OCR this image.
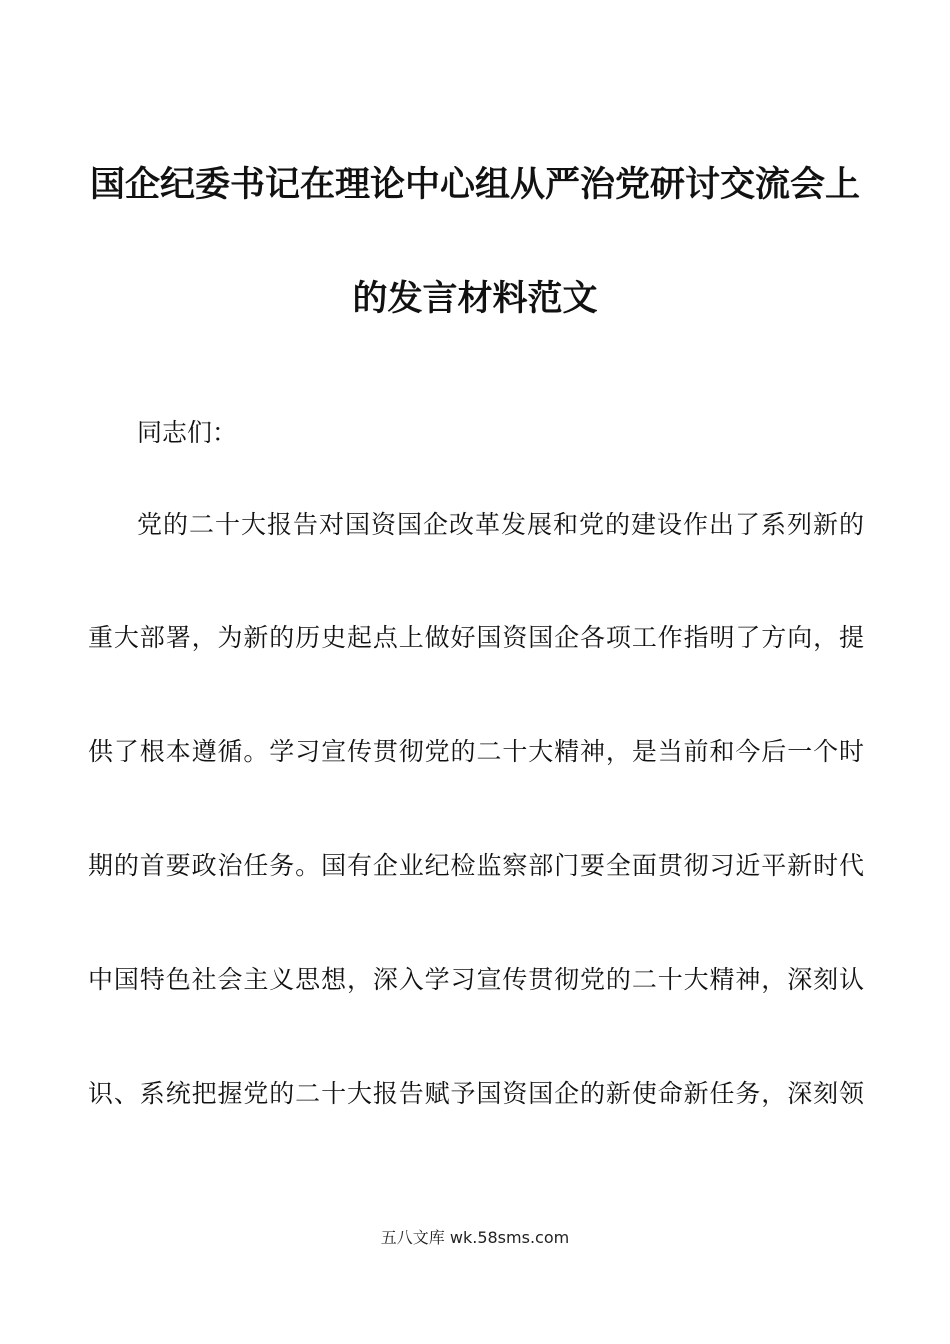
国企纪委书记在理论中心组从严治党研讨交流会上
的发言材料范文

同志们：

党的二十大报告对国资国企改革发展和党的建设作出了系列新的

重大部署，为新的历史起点上做好国资国企各项工作指明了方向，提

供了根本遵循。学习宣传贯彻党的二十大精神，是当前和今后一个时

期的首要政治任务。国有企业纪检监察部门要全面贯彻习近平新时代

中国特色社会主义思想，深入学习宣传贯彻党的二十大精神，深刻认

识、系统把握党的二十大报告赋予国资国企的新使命新任务，深刻领

五八文库 wk.58sms.com
